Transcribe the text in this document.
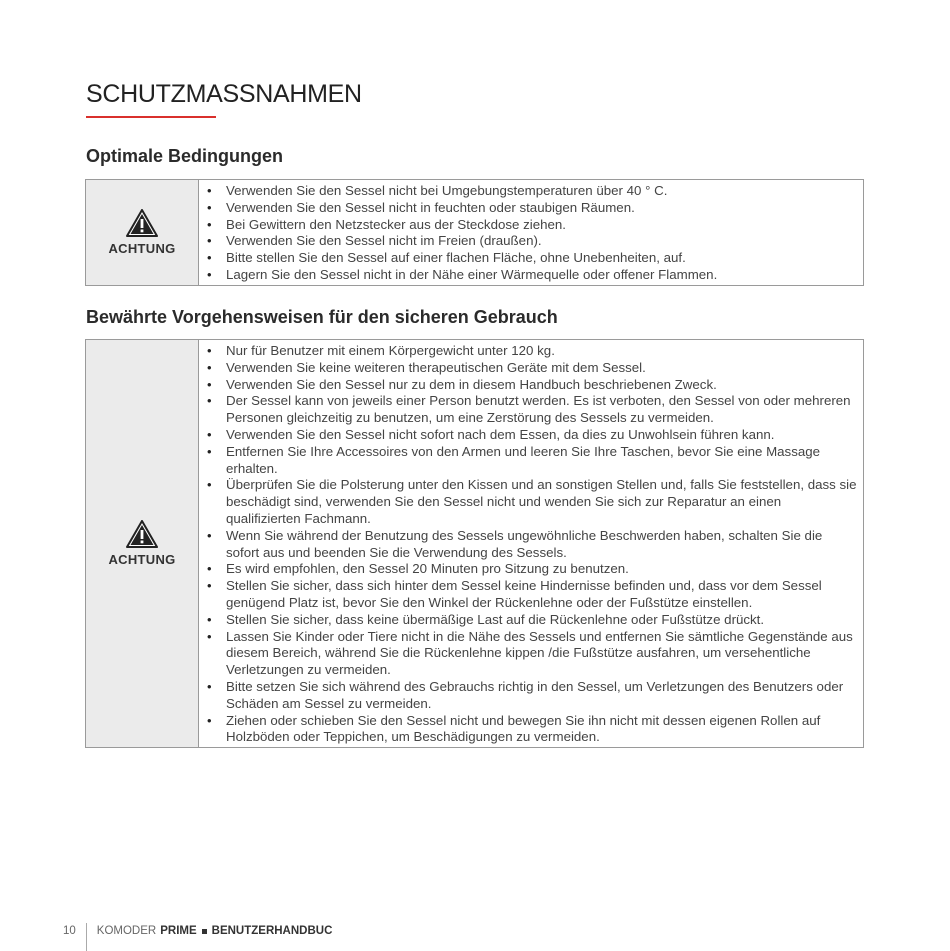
SCHUTZMASSNAHMEN
Optimale Bedingungen
ACHTUNG
• Verwenden Sie den Sessel nicht bei Umgebungstemperaturen über 40 ° C.
• Verwenden Sie den Sessel nicht in feuchten oder staubigen Räumen.
• Bei Gewittern den Netzstecker aus der Steckdose ziehen.
• Verwenden Sie den Sessel nicht im Freien (draußen).
• Bitte stellen Sie den Sessel auf einer flachen Fläche, ohne Unebenheiten, auf.
• Lagern Sie den Sessel nicht in der Nähe einer Wärmequelle oder offener Flammen.
Bewährte Vorgehensweisen für den sicheren Gebrauch
ACHTUNG
• Nur für Benutzer mit einem Körpergewicht unter 120 kg.
• Verwenden Sie keine weiteren therapeutischen Geräte mit dem Sessel.
• Verwenden Sie den Sessel nur zu dem in diesem Handbuch beschriebenen Zweck.
• Der Sessel kann von jeweils einer Person benutzt werden. Es ist verboten, den Sessel von oder mehreren Personen gleichzeitig zu benutzen, um eine Zerstörung des Sessels zu vermeiden.
• Verwenden Sie den Sessel nicht sofort nach dem Essen, da dies zu Unwohlsein führen kann.
• Entfernen Sie Ihre Accessoires von den Armen und leeren Sie Ihre Taschen, bevor Sie eine Massage erhalten.
• Überprüfen Sie die Polsterung unter den Kissen und an sonstigen Stellen und, falls Sie feststellen, dass sie beschädigt sind, verwenden Sie den Sessel nicht und wenden Sie sich zur Reparatur an einen qualifizierten Fachmann.
• Wenn Sie während der Benutzung des Sessels ungewöhnliche Beschwerden haben, schalten Sie die sofort aus und beenden Sie die Verwendung des Sessels.
• Es wird empfohlen, den Sessel 20 Minuten pro Sitzung zu benutzen.
• Stellen Sie sicher, dass sich hinter dem Sessel keine Hindernisse befinden und, dass vor dem Sessel genügend Platz ist, bevor Sie den Winkel der Rückenlehne oder der Fußstütze einstellen.
• Stellen Sie sicher, dass keine übermäßige Last auf die Rückenlehne oder Fußstütze drückt.
• Lassen Sie Kinder oder Tiere nicht in die Nähe des Sessels und entfernen Sie sämtliche Gegenstände aus diesem Bereich, während Sie die Rückenlehne kippen /die Fußstütze ausfahren, um versehentliche Verletzungen zu vermeiden.
• Bitte setzen Sie sich während des Gebrauchs richtig in den Sessel, um Verletzungen des Benutzers oder Schäden am Sessel zu vermeiden.
• Ziehen oder schieben Sie den Sessel nicht und bewegen Sie ihn nicht mit dessen eigenen Rollen auf Holzböden oder Teppichen, um Beschädigungen zu vermeiden.
10 KOMODER PRIME BENUTZERHANDBUC
